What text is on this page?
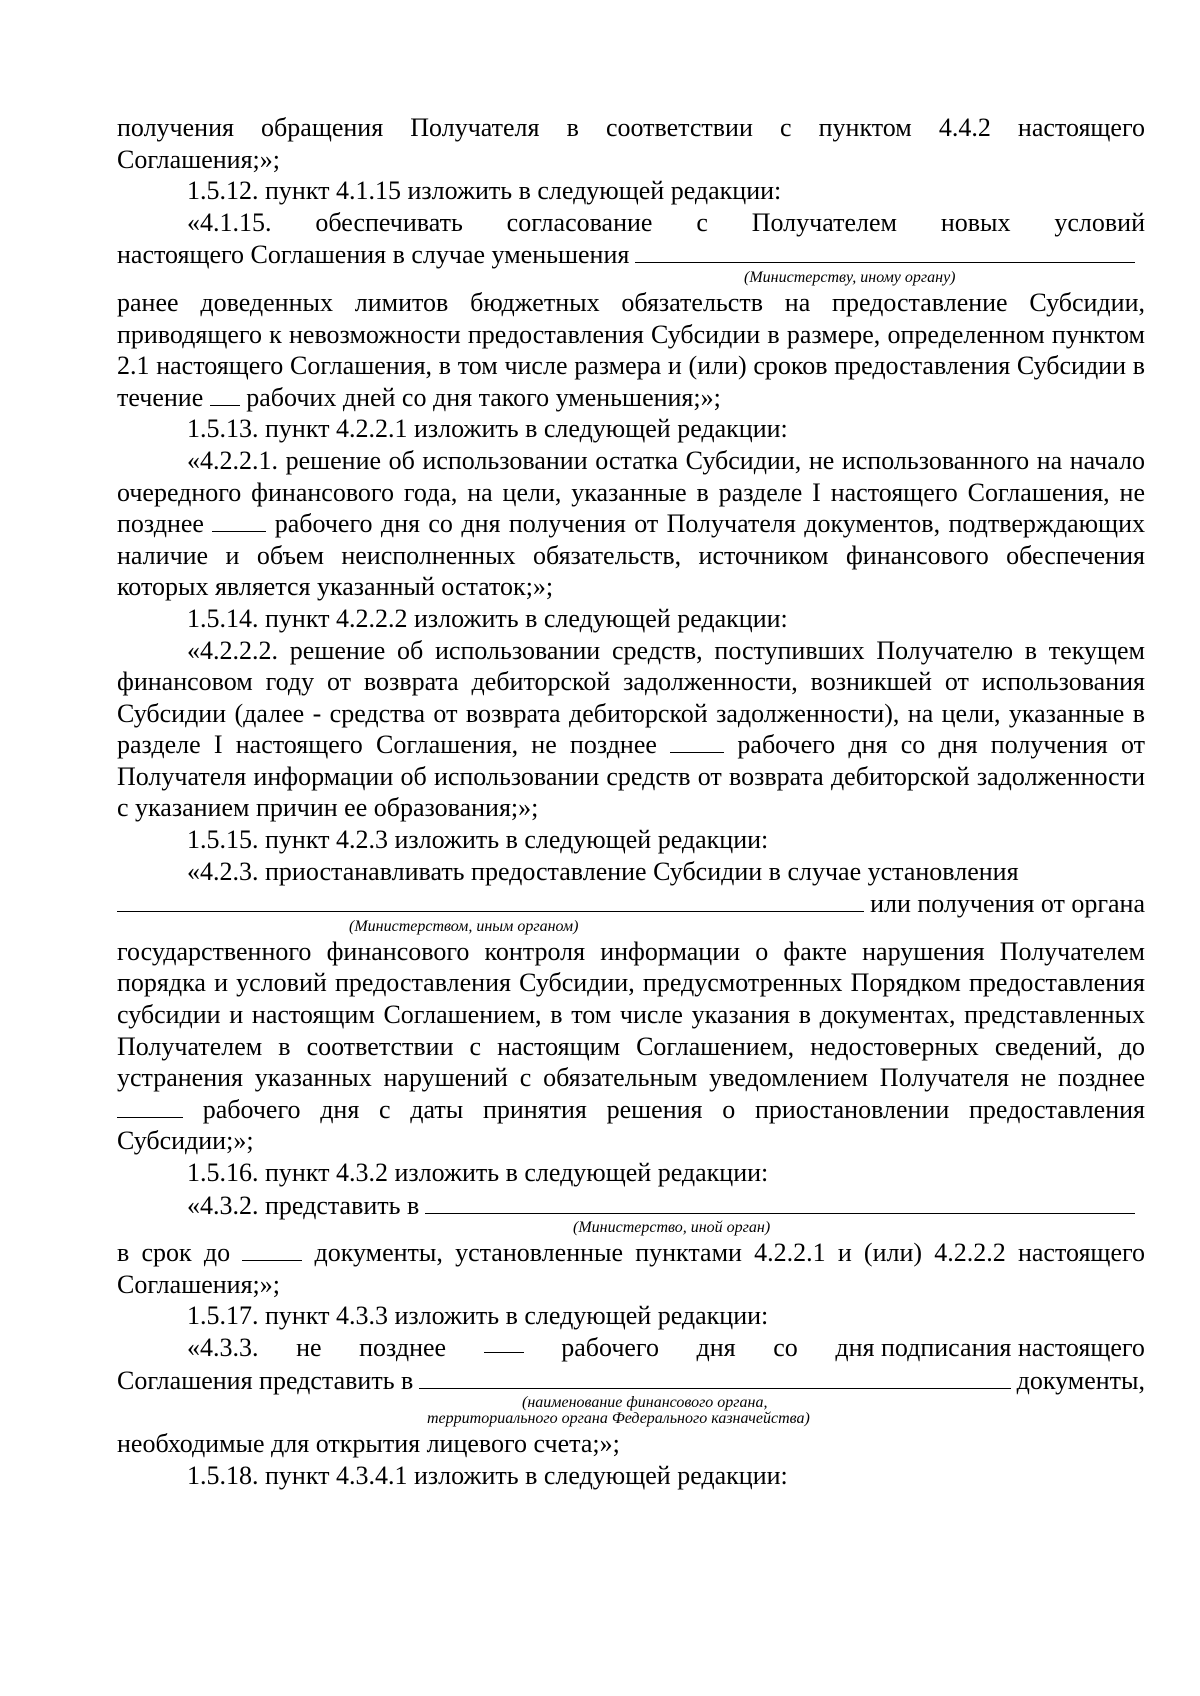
получения обращения Получателя в соответствии с пунктом 4.4.2 настоящего

Соглашения;»;

1.5.12. пункт 4.1.15 изложить в следующей редакции:

«4.1.15. обеспечивать согласование с Получателем новых условий

настоящего Соглашения в случае уменьшения
(Министерству, иному органу)

ранее доведенных лимитов бюджетных обязательств на предоставление Субсидии, приводящего к невозможности предоставления Субсидии в размере, определенном пунктом 2.1 настоящего Соглашения, в том числе размера и (или) сроков предоставления Субсидии в течение рабочих дней со дня такого уменьшения;»;

1.5.13. пункт 4.2.2.1 изложить в следующей редакции:

«4.2.2.1. решение об использовании остатка Субсидии, не использованного на начало очередного финансового года, на цели, указанные в разделе I настоящего Соглашения, не позднее	рабочего дня со дня получения от Получателя документов, подтверждающих наличие и объем неисполненных обязательств, источником финансового обеспечения которых является указанный остаток;»;

1.5.14. пункт 4.2.2.2 изложить в следующей редакции:

«4.2.2.2. решение об использовании средств, поступивших Получателю в текущем финансовом году от возврата дебиторской задолженности, возникшей от использования Субсидии (далее - средства от возврата дебиторской задолженности), на цели, указанные в разделе I настоящего Соглашения, не позднее	рабочего дня со дня получения от Получателя информации об использовании средств от возврата дебиторской задолженности с указанием причин ее образования;»;

1.5.15. пункт 4.2.3 изложить в следующей редакции:

«4.2.3. приостанавливать предоставление Субсидии в случае установления

или получения от органа
(Министерством, иным органом)

государственного финансового контроля информации о факте нарушения Получателем порядка и условий предоставления Субсидии, предусмотренных Порядком предоставления субсидии и настоящим Соглашением, в том числе указания в документах, представленных Получателем в соответствии с настоящим Соглашением, недостоверных сведений, до устранения указанных нарушений с обязательным уведомлением Получателя не позднее  рабочего дня с даты принятия решения о приостановлении предоставления Субсидии;»;

1.5.16. пункт 4.3.2 изложить в следующей редакции:

«4.3.2. представить в
(Министерство, иной орган)

в срок до	документы, установленные пунктами 4.2.2.1 и (или) 4.2.2.2 настоящего Соглашения;»;

1.5.17. пункт 4.3.3 изложить в следующей редакции:

«4.3.3. не позднее	рабочего дня со дня подписания настоящего
Соглашения представить в	документы,
(наименование финансового органа,
территориального органа Федерального казначейства)

необходимые для открытия лицевого счета;»;

1.5.18. пункт 4.3.4.1 изложить в следующей редакции:
